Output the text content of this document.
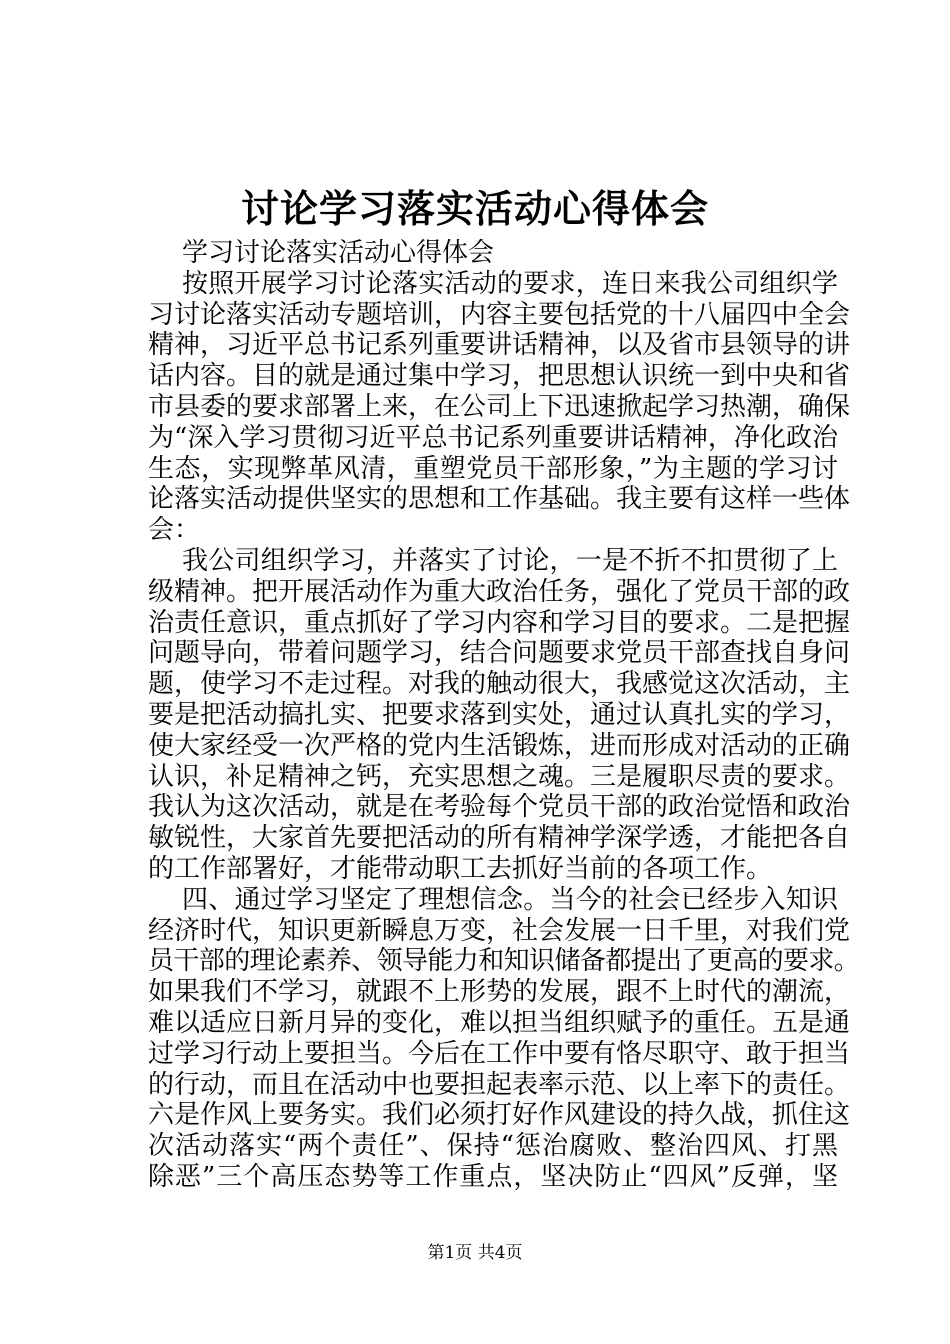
讨论学习落实活动心得体会
学习讨论落实活动心得体会
按照开展学习讨论落实活动的要求，连日来我公司组织学
习讨论落实活动专题培训，内容主要包括党的十八届四中全会
精神，习近平总书记系列重要讲话精神，以及省市县领导的讲
话内容。目的就是通过集中学习，把思想认识统一到中央和省
市县委的要求部署上来，在公司上下迅速掀起学习热潮，确保
为“深入学习贯彻习近平总书记系列重要讲话精神，净化政治
生态，实现弊革风清，重塑党员干部形象，”为主题的学习讨
论落实活动提供坚实的思想和工作基础。我主要有这样一些体
会：
我公司组织学习，并落实了讨论，一是不折不扣贯彻了上
级精神。把开展活动作为重大政治任务，强化了党员干部的政
治责任意识，重点抓好了学习内容和学习目的要求。二是把握
问题导向，带着问题学习，结合问题要求党员干部查找自身问
题，使学习不走过程。对我的触动很大，我感觉这次活动，主
要是把活动搞扎实、把要求落到实处，通过认真扎实的学习，
使大家经受一次严格的党内生活锻炼，进而形成对活动的正确
认识，补足精神之钙，充实思想之魂。三是履职尽责的要求。
我认为这次活动，就是在考验每个党员干部的政治觉悟和政治
敏锐性，大家首先要把活动的所有精神学深学透，才能把各自
的工作部署好，才能带动职工去抓好当前的各项工作。
四、通过学习坚定了理想信念。当今的社会已经步入知识
经济时代，知识更新瞬息万变，社会发展一日千里，对我们党
员干部的理论素养、领导能力和知识储备都提出了更高的要求。
如果我们不学习，就跟不上形势的发展，跟不上时代的潮流，
难以适应日新月异的变化，难以担当组织赋予的重任。五是通
过学习行动上要担当。今后在工作中要有恪尽职守、敢于担当
的行动，而且在活动中也要担起表率示范、以上率下的责任。
六是作风上要务实。我们必须打好作风建设的持久战，抓住这
次活动落实“两个责任”、保持“惩治腐败、整治四风、打黑
除恶”三个高压态势等工作重点，坚决防止“四风”反弹，坚
第1页 共4页
